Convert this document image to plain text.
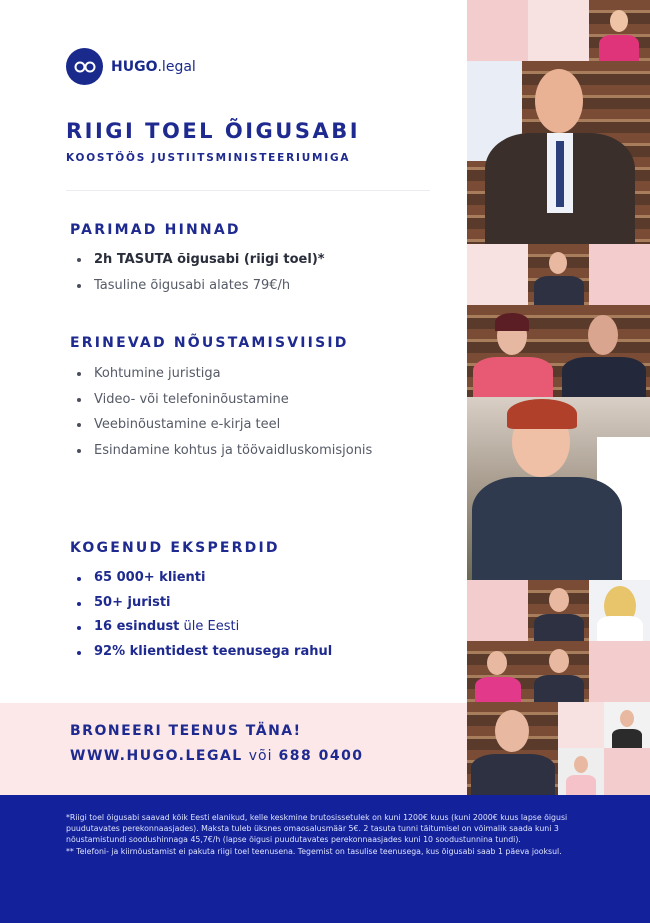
HUGO.legal
RIIGI TOEL ÕIGUSABI
KOOSTÖÖS JUSTIITSMINISTEERIUMIGA
PARIMAD HINNAD
2h TASUTA õigusabi (riigi toel)*
Tasuline õigusabi alates 79€/h
ERINEVAD NÕUSTAMISVIISID
Kohtumine juristiga
Video- või telefoninõustamine
Veebinõustamine e-kirja teel
Esindamine kohtus ja töövaidluskomisjonis
KOGENUD EKSPERDID
65 000+ klienti
50+ juristi
16 esindust üle Eesti
92% klientidest teenusega rahul
BRONEERI TEENUS TÄNA!
WWW.HUGO.LEGAL või 688 0400

*Riigi toel õigusabi saavad kõik Eesti elanikud, kelle keskmine brutosissetulek on kuni 1200€ kuus (kuni 2000€ kuus lapse õigusi puudutavates perekonnaasjades). Maksta tuleb üksnes omaosalusmäär 5€. 2 tasuta tunni täitumisel on võimalik saada kuni 3 nõustamistundi soodushinnaga 45,7€/h (lapse õigusi puudutavates perekonnaasjades kuni 10 soodustunnina tundi).

** Telefoni- ja kiirnõustamist ei pakuta riigi toel teenusena. Tegemist on tasulise teenusega, kus õigusabi saab 1 päeva jooksul.
